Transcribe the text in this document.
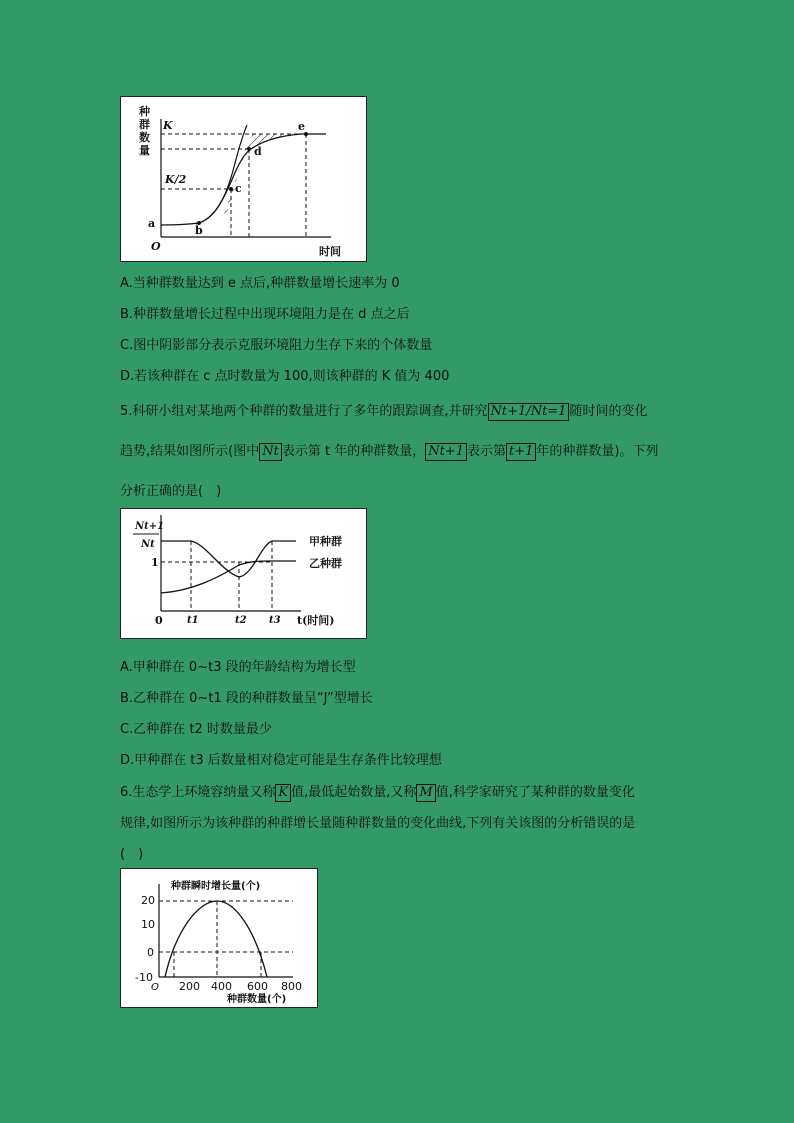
种
群
数
量
K
K/2
O	时间
a
b
c
d
e
A.当种群数量达到 e 点后,种群数量增长速率为 0
B.种群数量增长过程中出现环境阻力是在 d 点之后
C.图中阴影部分表示克服环境阻力生存下来的个体数量
D.若该种群在 c 点时数量为 100,则该种群的 K 值为 400
5.科研小组对某地两个种群的数量进行了多年的跟踪调查,并研究 Nt+1/Nt=1 随时间的变化
趋势,结果如图所示(图中 Nt 表示第 t 年的种群数量， Nt+1 表示第 t+1 年的种群数量)。下列
分析正确的是(　)
Nt+1
Nt
1
0 t1	t2 t3 t(时间)
甲种群
乙种群
A.甲种群在 0~t3 段的年龄结构为增长型
B.乙种群在 0~t1 段的种群数量呈“J”型增长
C.乙种群在 t2 时数量最少
D.甲种群在 t3 后数量相对稳定可能是生存条件比较理想
6.生态学上环境容纳量又称 K 值,最低起始数量,又称 M 值,科学家研究了某种群的数量变化
规律,如图所示为该种群的种群增长量随种群数量的变化曲线,下列有关该图的分析错误的是
(　)
种群瞬时增长量(个)
20
10
0
-10
O 200 400 600 800
种群数量(个)
